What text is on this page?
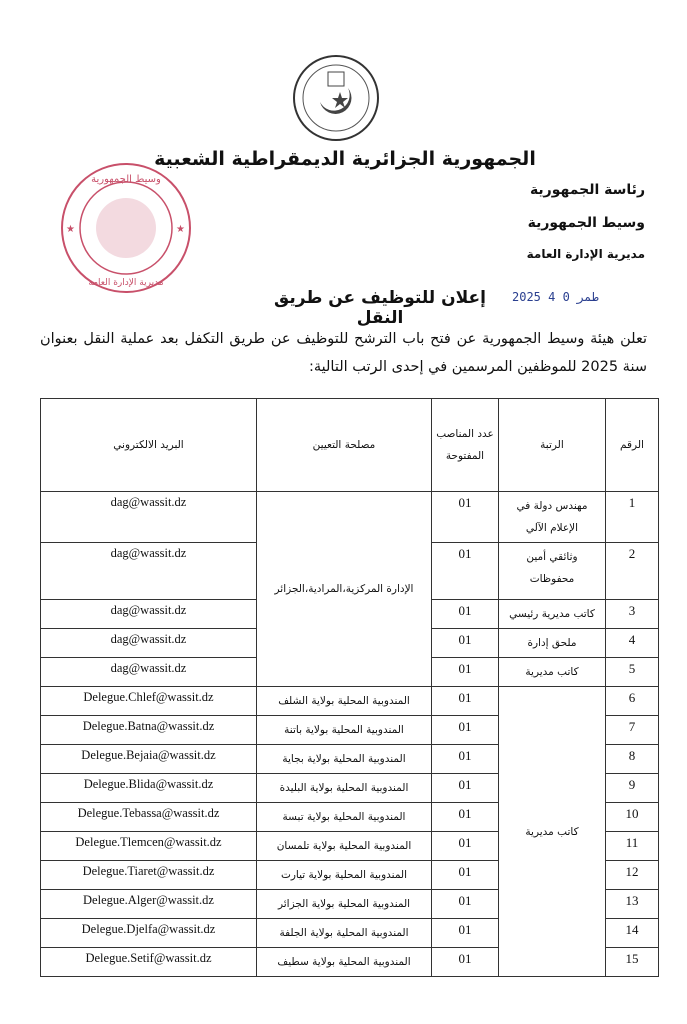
وسيط الجمهورية
مديرية الإدارة العامة
★	★
الجمهورية الجزائرية الديمقراطية الشعبية
رئاسة الجمهورية
وسيط الجمهورية
مديرية الإدارة العامة
2025 طمر 0 4
إعلان للتوظيف عن طريق النقل
تعلن هيئة وسيط الجمهورية عن فتح باب الترشح للتوظيف عن طريق التكفل بعد عملية النقل بعنوان سنة 2025 للموظفين المرسمين في إحدى الرتب التالية:
الرقم	الرتبة	عدد المناصب المفتوحة	مصلحة التعيين	البريد الالكتروني
1	مهندس دولة في الإعلام الآلي	01	الإدارة المركزية،المرادية،الجزائر	dag@wassit.dz
2	وثائقي أمين محفوظات	01		dag@wassit.dz
3	كاتب مديرية رئيسي	01		dag@wassit.dz
4	ملحق إدارة	01		dag@wassit.dz
5	كاتب مديرية	01		dag@wassit.dz
6	كاتب مديرية	01	المندوبية المحلية بولاية الشلف	Delegue.Chlef@wassit.dz
7		01	المندوبية المحلية بولاية باتنة	Delegue.Batna@wassit.dz
8		01	المندوبية المحلية بولاية بجاية	Delegue.Bejaia@wassit.dz
9		01	المندوبية المحلية بولاية البليدة	Delegue.Blida@wassit.dz
10		01	المندوبية المحلية بولاية تبسة	Delegue.Tebassa@wassit.dz
11		01	المندوبية المحلية بولاية تلمسان	Delegue.Tlemcen@wassit.dz
12		01	المندوبية المحلية بولاية تيارت	Delegue.Tiaret@wassit.dz
13		01	المندوبية المحلية بولاية الجزائر	Delegue.Alger@wassit.dz
14		01	المندوبية المحلية بولاية الجلفة	Delegue.Djelfa@wassit.dz
15		01	المندوبية المحلية بولاية سطيف	Delegue.Setif@wassit.dz
